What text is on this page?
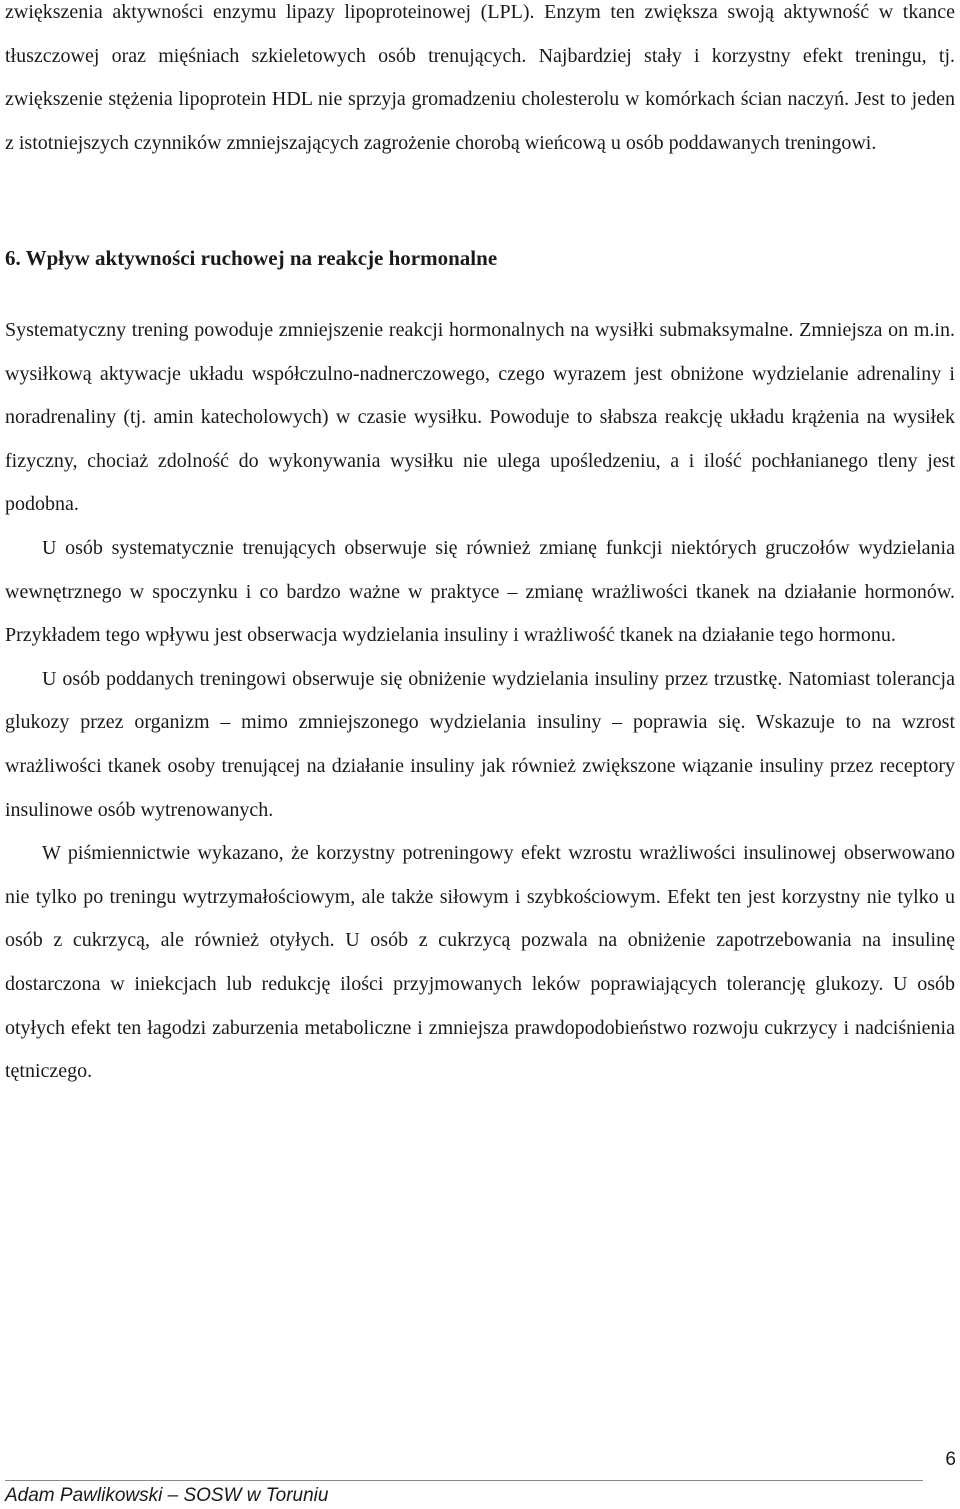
zwiększenia aktywności enzymu lipazy lipoproteinowej (LPL). Enzym ten zwiększa swoją aktywność w tkance tłuszczowej oraz mięśniach szkieletowych osób trenujących. Najbardziej stały i korzystny efekt treningu, tj. zwiększenie stężenia lipoprotein HDL nie sprzyja gromadzeniu cholesterolu w komórkach ścian naczyń. Jest to jeden z istotniejszych czynników zmniejszających zagrożenie chorobą wieńcową u osób poddawanych treningowi.

6. Wpływ aktywności ruchowej na reakcje hormonalne

Systematyczny trening powoduje zmniejszenie reakcji hormonalnych na wysiłki submaksymalne. Zmniejsza on m.in. wysiłkową aktywacje układu współczulno-nadnerczowego, czego wyrazem jest obniżone wydzielanie adrenaliny i noradrenaliny (tj. amin katecholowych) w czasie wysiłku. Powoduje to słabsza reakcję układu krążenia na wysiłek fizyczny, chociaż zdolność do wykonywania wysiłku nie ulega upośledzeniu, a i ilość pochłanianego tleny jest podobna.

U osób systematycznie trenujących obserwuje się również zmianę funkcji niektórych gruczołów wydzielania wewnętrznego w spoczynku i co bardzo ważne w praktyce – zmianę wrażliwości tkanek na działanie hormonów. Przykładem tego wpływu jest obserwacja wydzielania insuliny i wrażliwość tkanek na działanie tego hormonu.

U osób poddanych treningowi obserwuje się obniżenie wydzielania insuliny przez trzustkę. Natomiast tolerancja glukozy przez organizm – mimo zmniejszonego wydzielania insuliny – poprawia się. Wskazuje to na wzrost wrażliwości tkanek osoby trenującej na działanie insuliny jak również zwiększone wiązanie insuliny przez receptory insulinowe osób wytrenowanych.

W piśmiennictwie wykazano, że korzystny potreningowy efekt wzrostu wrażliwości insulinowej obserwowano nie tylko po treningu wytrzymałościowym, ale także siłowym i szybkościowym. Efekt ten jest korzystny nie tylko u osób z cukrzycą, ale również otyłych. U osób z cukrzycą pozwala na obniżenie zapotrzebowania na insulinę dostarczona w iniekcjach lub redukcję ilości przyjmowanych leków poprawiających tolerancję glukozy. U osób otyłych efekt ten łagodzi zaburzenia metaboliczne i zmniejsza prawdopodobieństwo rozwoju cukrzycy i nadciśnienia tętniczego.

6
Adam Pawlikowski – SOSW w Toruniu
